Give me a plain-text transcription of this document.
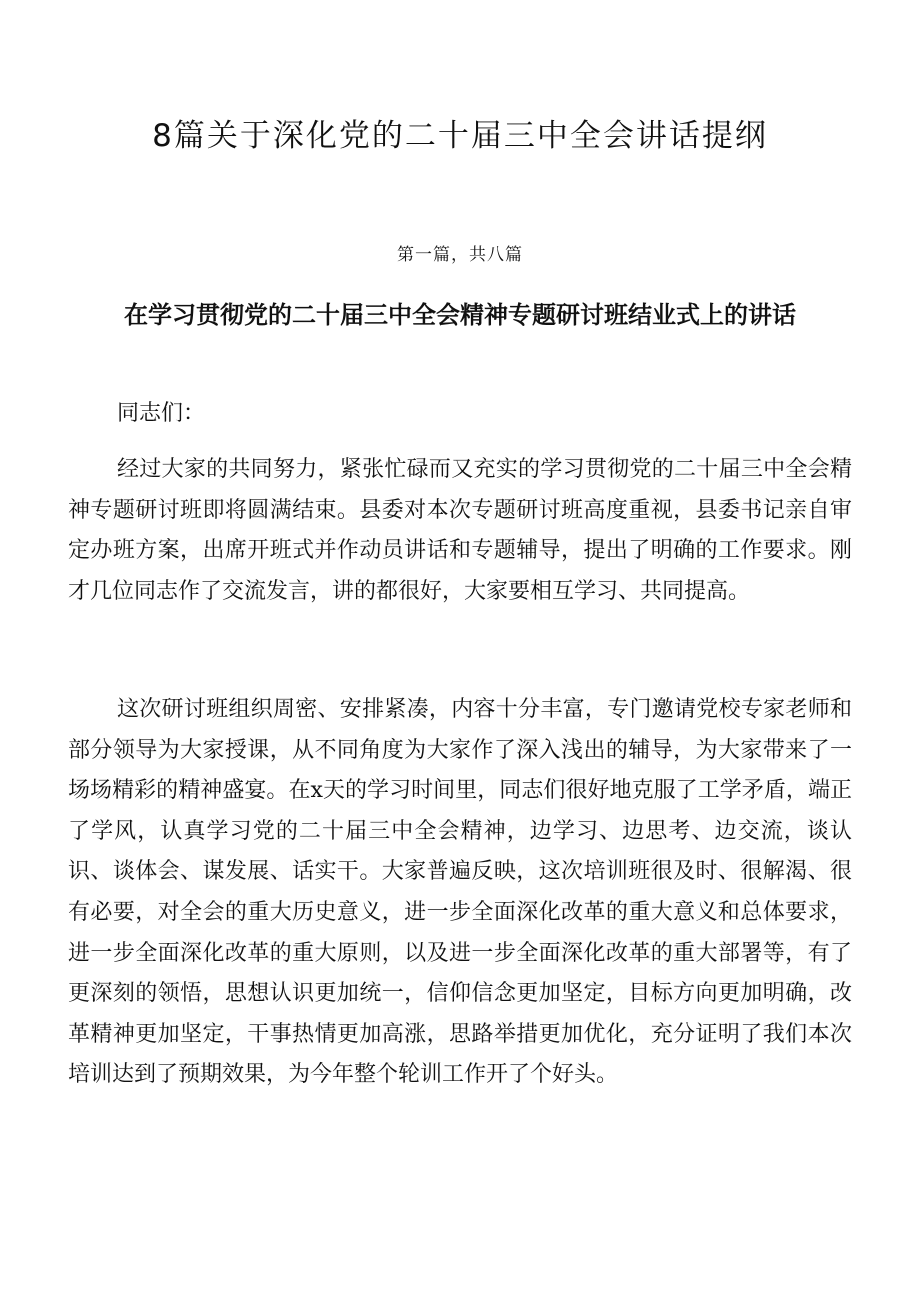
8篇关于深化党的二十届三中全会讲话提纲
第一篇，共八篇
在学习贯彻党的二十届三中全会精神专题研讨班结业式上的讲话

同志们：

经过大家的共同努力，紧张忙碌而又充实的学习贯彻党的二十届三中全会精神专题研讨班即将圆满结束。县委对本次专题研讨班高度重视，县委书记亲自审定办班方案，出席开班式并作动员讲话和专题辅导，提出了明确的工作要求。刚才几位同志作了交流发言，讲的都很好，大家要相互学习、共同提高。

这次研讨班组织周密、安排紧凑，内容十分丰富，专门邀请党校专家老师和部分领导为大家授课，从不同角度为大家作了深入浅出的辅导，为大家带来了一场场精彩的精神盛宴。在x天的学习时间里，同志们很好地克服了工学矛盾，端正了学风，认真学习党的二十届三中全会精神，边学习、边思考、边交流，谈认识、谈体会、谋发展、话实干。大家普遍反映，这次培训班很及时、很解渴、很有必要，对全会的重大历史意义，进一步全面深化改革的重大意义和总体要求，进一步全面深化改革的重大原则，以及进一步全面深化改革的重大部署等，有了更深刻的领悟，思想认识更加统一，信仰信念更加坚定，目标方向更加明确，改革精神更加坚定，干事热情更加高涨，思路举措更加优化，充分证明了我们本次培训达到了预期效果，为今年整个轮训工作开了个好头。
